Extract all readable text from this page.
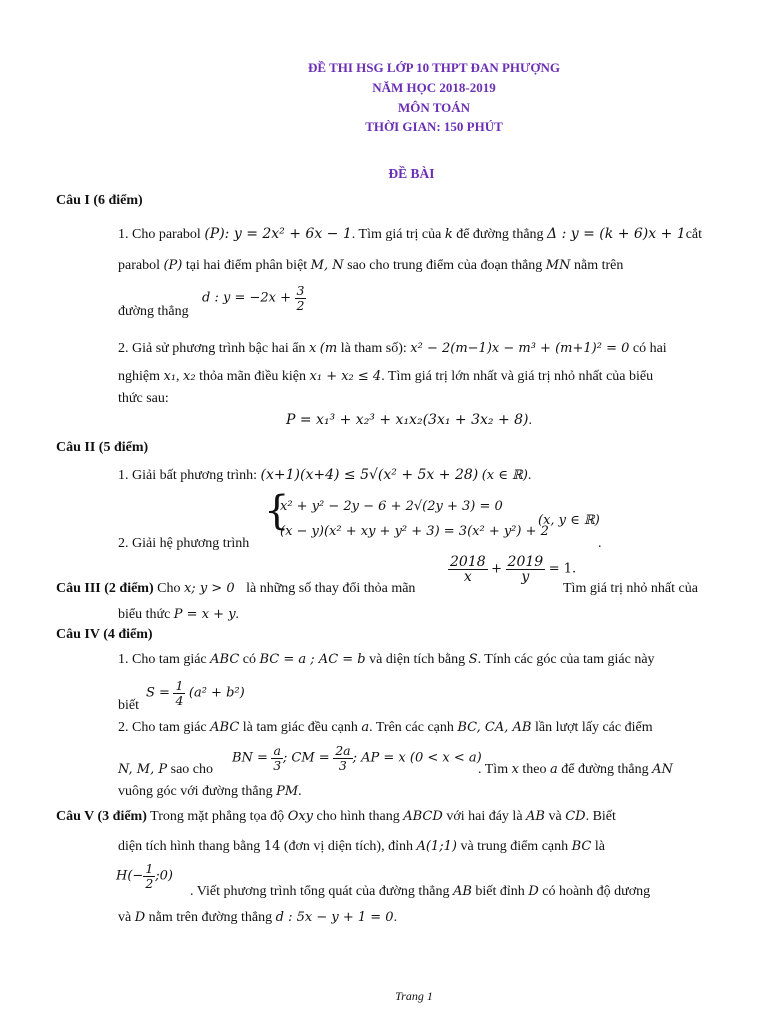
ĐỀ THI HSG LỚP 10 THPT ĐAN PHƯỢNG
NĂM HỌC 2018-2019
MÔN TOÁN
THỜI GIAN: 150 PHÚT
ĐỀ BÀI
Câu I (6 điểm)
1. Cho parabol (P): y = 2x² + 6x − 1. Tìm giá trị của k để đường thẳng Δ : y = (k + 6)x + 1cắt
parabol (P) tại hai điểm phân biệt M, N sao cho trung điểm của đoạn thẳng MN nằm trên
d : $y = -2x + \frac{3}{2}$
đường thẳng
2. Giả sử phương trình bậc hai ẩn x (m là tham số): x² − 2(m−1)x − m³ + (m+1)² = 0 có hai
nghiệm x₁, x₂ thỏa mãn điều kiện x₁ + x₂ ≤ 4. Tìm giá trị lớn nhất và giá trị nhỏ nhất của biểu
thức sau:
P = x₁³ + x₂³ + x₁x₂(3x₁ + 3x₂ + 8).
Câu II (5 điểm)
1. Giải bất phương trình: (x+1)(x+4) ≤ 5√(x² + 5x + 28) (x ∈ ℝ).
{
x² + y² − 2y − 6 + 2√(2y + 3) = 0
(x − y)(x² + xy + y² + 3) = 3(x² + y²) + 2
(x, y ∈ ℝ)
2. Giải hệ phương trình	.
Câu III (2 điểm) Cho x; y > 0 là những số thay đổi thỏa mãn
$\frac{2018}{x} + \frac{2019}{y} = 1$.
Tìm giá trị nhỏ nhất của
biểu thức P = x + y.
Câu IV (4 điểm)
1. Cho tam giác ABC có BC = a ; AC = b và diện tích bằng S. Tính các góc của tam giác này
biết
$S = \frac{1}{4} (a^2 + b^2)$
2. Cho tam giác ABC là tam giác đều cạnh a. Trên các cạnh BC, CA, AB lần lượt lấy các điểm
N, M, P sao cho
BN = $\frac{a}{3}$ ; CM = $\frac{2a}{3}$ ; AP = x (0 < x < a)
. Tìm x theo a để đường thẳng AN
vuông góc với đường thẳng PM.
Câu V (3 điểm) Trong mặt phẳng tọa độ Oxy cho hình thang ABCD với hai đáy là AB và CD. Biết
diện tích hình thang bằng 14 (đơn vị diện tích), đỉnh A(1;1) và trung điểm cạnh BC là
$H(- \frac{1}{2}$ ;0)
. Viết phương trình tổng quát của đường thẳng AB biết đỉnh D có hoành độ dương
và D nằm trên đường thẳng d : 5x − y + 1 = 0.
Trang 1
